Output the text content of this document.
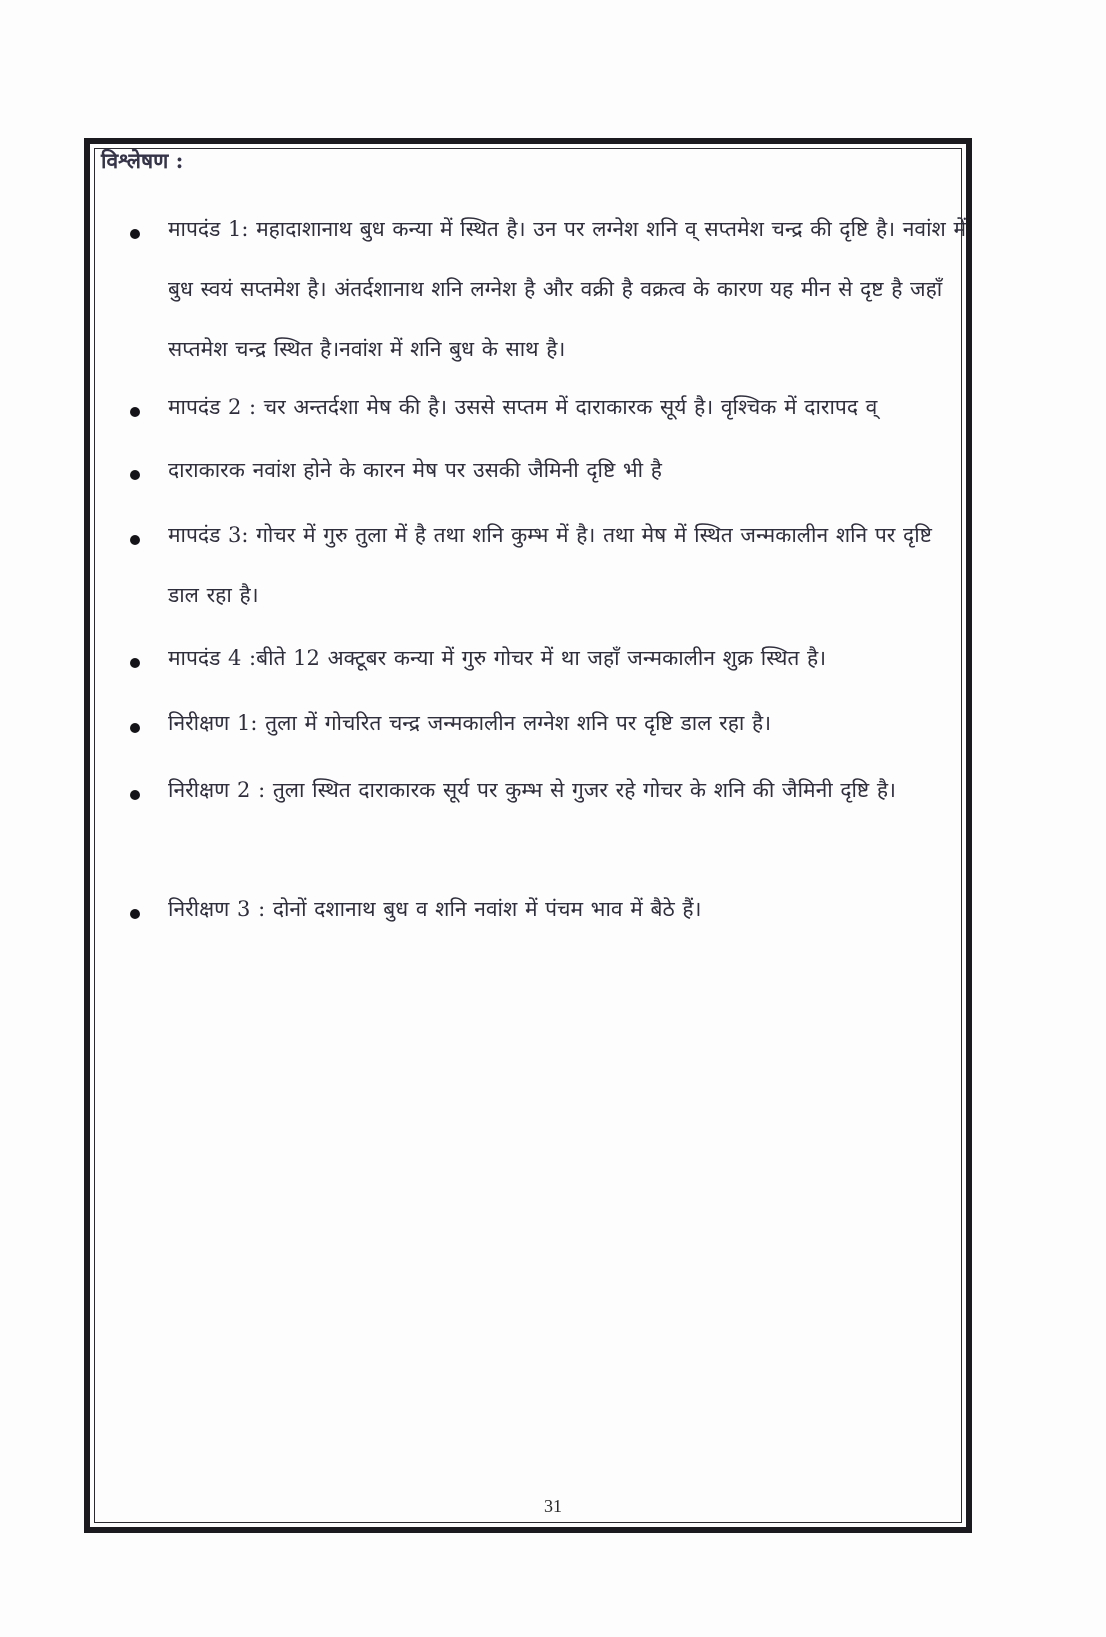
विश्लेषण :
मापदंड 1: महादाशानाथ बुध कन्या में स्थित है। उन पर लग्नेश शनि व् सप्तमेश चन्द्र की दृष्टि है। नवांश में बुध स्वयं सप्तमेश है। अंतर्दशानाथ शनि लग्नेश है और वक्री है वक्रत्व के कारण यह मीन से दृष्ट है जहाँ सप्तमेश चन्द्र स्थित है।नवांश में शनि बुध के साथ है।
मापदंड 2 : चर अन्तर्दशा मेष की है। उससे सप्तम में दाराकारक सूर्य है। वृश्चिक में दारापद व्
दाराकारक नवांश होने के कारन मेष पर उसकी जैमिनी दृष्टि भी है
मापदंड 3: गोचर में गुरु तुला में है तथा शनि कुम्भ में है। तथा मेष में स्थित जन्मकालीन शनि पर दृष्टि डाल रहा है।
मापदंड 4 :बीते 12 अक्टूबर कन्या में गुरु गोचर में था जहाँ जन्मकालीन शुक्र स्थित है।
निरीक्षण 1: तुला में गोचरित चन्द्र जन्मकालीन लग्नेश शनि पर दृष्टि डाल रहा है।
निरीक्षण 2 : तुला स्थित दाराकारक सूर्य पर कुम्भ से गुजर रहे गोचर के शनि की जैमिनी दृष्टि है।
निरीक्षण 3 : दोनों दशानाथ बुध व शनि नवांश में पंचम भाव में बैठे हैं।
31
